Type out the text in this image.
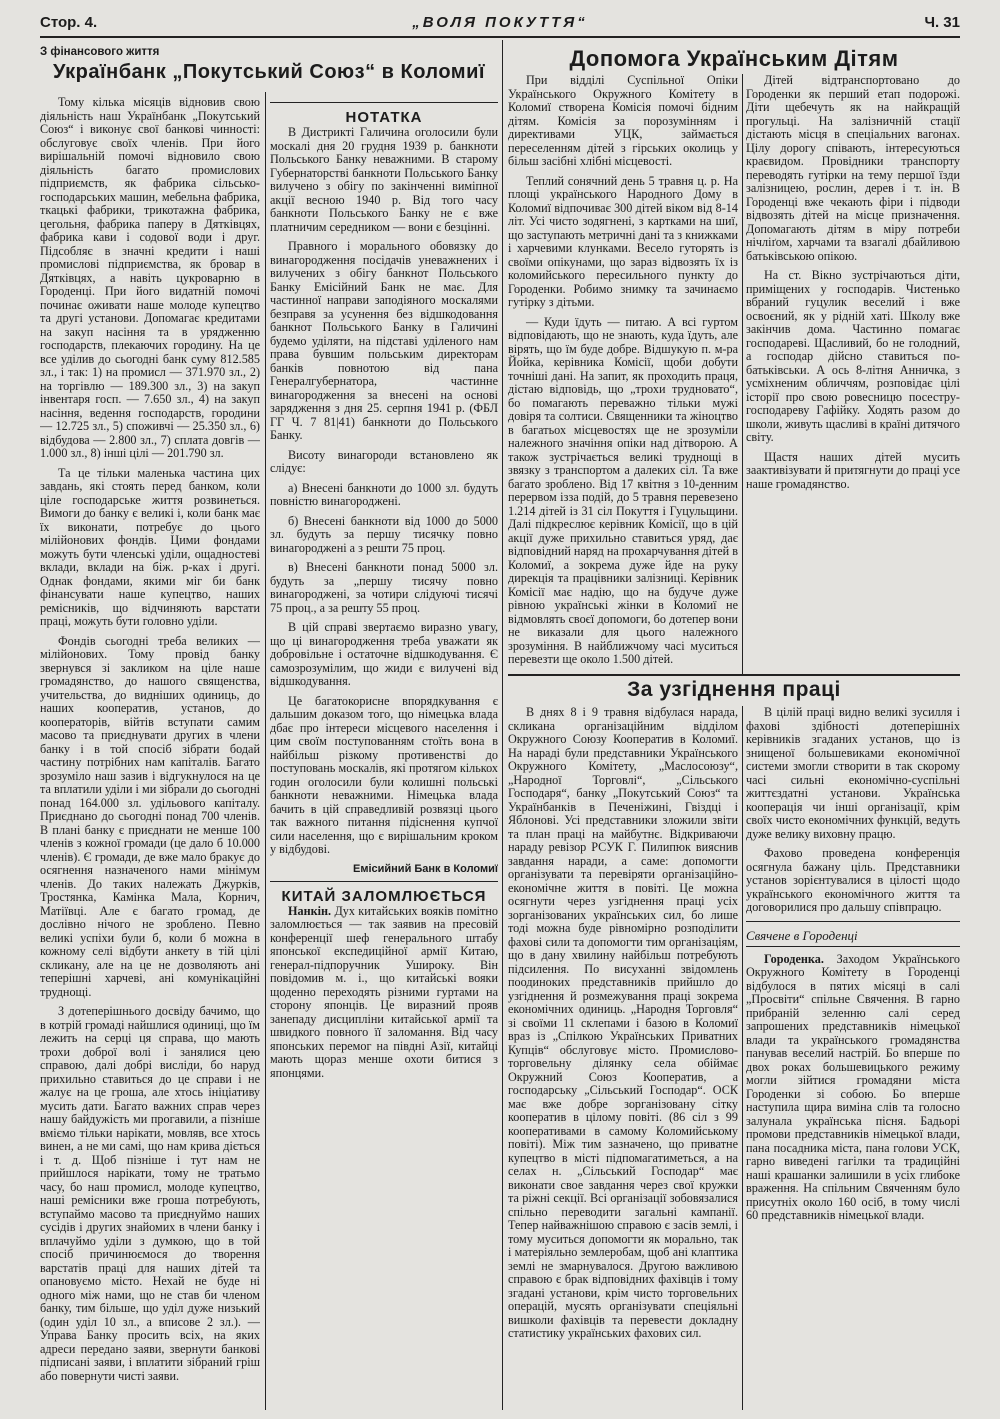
Стор. 4.	„ВОЛЯ ПОКУТТЯ“	Ч. 31
З фінансового життя
Українбанк „Покутський Союз“ в Коломиї

Тому кілька місяців відновив свою діяльність наш Українбанк „Покутський Союз“ і виконує свої банкові чинності: обслуговує своїх членів. При його вирішальній помочі відновило свою діяльність багато промислових підприємств, як фабрика сільсько-господарських машин, мебельна фабрика, ткацькі фабрики, трикотажна фабрика, цегольня, фабрика паперу в Дятківцях, фабрика кави і содової води і друг. Підсобляє в значні кредити і наші промислові підприємства, як бровар в Дятківцях, а навіть цукроварню в Городенці. При його видатній помочі починає оживати наше молоде купецтво та другі установи. Допомагає кредитами на закуп насіння та в урядженню господарств, плекаючих городину. На це все уділив до сьогодні банк суму 812.585 зл., і так: 1) на промисл — 371.970 зл., 2) на торгівлю — 189.300 зл., 3) на закуп інвентаря госп. — 7.650 зл., 4) на закуп насіння, ведення господарств, городини — 12.725 зл., 5) споживчі — 25.350 зл., 6) відбудова — 2.800 зл., 7) сплата довгів — 1.000 зл., 8) інші цілі — 201.790 зл.

Та це тільки маленька частина цих завдань, які стоять перед банком, коли ціле господарське життя розвинеться. Вимоги до банку є великі і, коли банк має їх виконати, потребує до цього мілійонових фондів. Цими фондами можуть бути членські уділи, ощадностеві вклади, вклади на біж. р-ках і другі. Однак фондами, якими міг би банк фінансувати наше купецтво, наших ремісників, що відчиняють варстати праці, можуть бути головно уділи.

Фондів сьогодні треба великих — мілійонових. Тому провід банку звернувся зі закликом на ціле наше громадянство, до нашого священства, учительства, до видніших одиниць, до наших кооператив, установ, до кооператорів, війтів вступати самим масово та приєднувати других в члени банку і в той спосіб зібрати бодай частину потрібних нам капіталів. Багато зрозуміло наш зазив і відгукнулося на це та вплатили уділи і ми зібрали до сьогодні понад 164.000 зл. удільового капіталу. Приєднано до сьогодні понад 700 членів. В плані банку є приєднати не менше 100 членів з кожної громади (це дало б 10.000 членів). Є громади, де вже мало бракує до осягнення назначеного нами мінімум членів. До таких належать Джурків, Тростянка, Камінка Мала, Корнич, Матіївці. Але є багато громад, де дослівно нічого не зроблено. Певно великі успіхи були б, коли б можна в кожному селі відбути анкету в тій цілі скликану, але на це не дозволяють ані теперішні харчеві, ані комунікаційні труднощі.

З дотеперішнього досвіду бачимо, що в котрій громаді найшлися одиниці, що їм лежить на серці ця справа, що мають трохи доброї волі і занялися цею справою, далі добрі висліди, бо наруд прихильно ставиться до це справи і не жалує на це гроша, але хтось ініціативу мусить дати. Багато важних справ через нашу байдужість ми прогавили, а пізніше вміємо тільки нарікати, мовляв, все хтось винен, а не ми самі, що нам крива діється і т. д. Щоб пізніше і тут нам не прийшлося нарікати, тому не тратьмо часу, бо наш промисл, молоде купецтво, наші ремісники вже гроша потребують, вступаймо масово та приєднуймо наших сусідів і других знайомих в члени банку і вплачуймо уділи з думкою, що в той спосіб причинюємося до творення варстатів праці для наших дітей та опановуємо місто. Нехай не буде ні одного між нами, що не став би членом банку, тим більше, що уділ дуже низький (один уділ 10 зл., а вписове 2 зл.). — Управа Банку просить всіх, на яких адреси передано заяви, звернути банкові підписані заяви, і вплатити зібраний гріш або повернути чисті заяви.

НОТАТКА

В Дистрикті Галичина оголосили були москалі дня 20 грудня 1939 р. банкноти Польського Банку неважними. В старому Губернаторстві банкноти Польського Банку вилучено з обігу по закінченні виміпної акції весною 1940 р. Від того часу банкноти Польського Банку не є вже платничим середником — вони є безцінні.

Правного і морального обовязку до винагородження посідачів уневажнених і вилучених з обігу банкнот Польського Банку Емісійний Банк не має. Для частинної направи заподіяного москалями безправя за усунення без відшкодовання банкнот Польського Банку в Галичині будемо уділяти, на підставі уділеного нам права бувшим польським директорам банків повнотою від пана Генералгубернатора, частинне винагородження за внесені на основі зарядження з дня 25. серпня 1941 р. (ФБЛ ГГ Ч. 7 81|41) банкноти до Польського Банку.

Висоту винагороди встановлено як слідує:

а) Внесені банкноти до 1000 зл. будуть повністю винагороджені.

б) Внесені банкноти від 1000 до 5000 зл. будуть за першу тисячку повно винагороджені а з решти 75 проц.

в) Внесені банкноти понад 5000 зл. будуть за „першу тисячу повно винагороджені, за чотири слідуючі тисячі 75 проц., а за решту 55 проц.

В цій справі звертаємо виразно увагу, що ці винагородження треба уважати як добровільне і остаточне відшкодування. Є самозрозумілим, що жиди є вилучені від відшкодування.

Це багатокорисне впорядкування є дальшим доказом того, що німецька влада дбає про інтереси місцевого населення і цим своїм поступованням стоїть вона в найбільш різкому противенстві до поступовань москалів, які протягом кількох годин оголосили були колишні польські банкноти неважними. Німецька влада бачить в цій справедливій розвязці цього так важного питання підіснення купчої сили населення, що є вирішальним кроком у відбудові.

Емісийний Банк в Коломиї
КИТАЙ ЗАЛОМЛЮЄТЬСЯ

Нанкін. Дух китайських вояків помітно заломлюється — так заявив на пресовій конференції шеф генерального штабу японської експедиційної армії Китаю, генерал-підпоручник Ушироку. Він повідомив м. і., що китайські вояки щоденно переходять різними гуртами на сторону японців. Це виразний прояв занепаду дисципліни китайської армії та швидкого повного її заломання. Від часу японських перемог на півдні Азії, китайці мають щораз менше охоти битися з японцями.

Допомога Українським Дітям

При відділі Суспільної Опіки Українського Окружного Комітету в Коломиї створена Комісія помочі бідним дітям. Комісія за порозумінням і директивами УЦК, займається переселенням дітей з гірських околиць у більш засібні хлібні місцевості.

Теплий сонячний день 5 травня ц. р. На площі українського Народного Дому в Коломиї відпочиває 300 дітей віком від 8-14 літ. Усі чисто зодягнені, з картками на шиї, що заступають метричні дані та з книжками і харчевими клунками. Весело гуторять із своїми опікунами, що зараз відвозять їх із коломийського пересильного пункту до Городенки. Робимо знимку та зачинаємо гутірку з дітьми.

— Куди їдуть — питаю. А всі гуртом відповідають, що не знають, куда їдуть, але вірять, що їм буде добре. Відшукую п. м-ра Йойка, керівника Комісії, щоби добути точніші дані. На запит, як проходить праця, дістаю відповідь, що „трохи трудновато“, бо помагають переважно тільки мужі довіря та солтиси. Священники та жіноцтво в багатьох місцевостях ще не зрозуміли належного значіння опіки над дітворою. А також зустрічається великі труднощі в звязку з транспортом а далеких сіл. Та вже багато зроблено. Від 17 квітня з 10-денним перервом ізза подій, до 5 травня перевезено 1.214 дітей із 31 сіл Покуття і Гуцульщини. Далі підкреслює керівник Комісії, що в цій акції дуже прихильно ставиться уряд, дає відповідний наряд на прохарчування дітей в Коломиї, а зокрема дуже йде на руку дирекція та працівники залізниці. Керівник Комісії має надію, що на будуче дуже рівною українські жінки в Коломиї не відмовлять своєї допомоги, бо дотепер вони не виказали для цього належного зрозуміння. В найближчому часі муситься перевезти ще около 1.500 дітей.

Дітей відтранспортовано до Городенки як перший етап подорожі. Діти щебечуть як на найкращій прогульці. На залізничній стації дістають місця в спеціальних вагонах. Цілу дорогу співають, інтересуються краєвидом. Провідники транспорту переводять гутірки на тему першої їзди залізницею, рослин, дерев і т. ін. В Городенці вже чекають фіри і підводи відвозять дітей на місце призначення. Допомагають дітям в міру потреби нічліґом, харчами та взагалі дбайливою батьківською опікою.

На ст. Вікно зустрічаються діти, приміщених у господарів. Чистенько вбраний гуцулик веселий і вже освоєний, як у рідній хаті. Школу вже закінчив дома. Частинно помагає господареві. Щасливий, бо не голодний, а господар дійсно ставиться по-батьківськи. А ось 8-літня Анничка, з усміхненим обличчям, розповідає цілі історії про свою ровесницю посестру-господареву Гафійку. Ходять разом до школи, живуть щасливі в країні дитячого світу.

Щастя наших дітей мусить заактивізувати й притягнути до праці усе наше громадянство.

За узгіднення праці

В днях 8 і 9 травня відбулася нарада, скликана організаційним відділом Окружного Союзу Кооператив в Коломиї. На нараді були представники Українського Окружного Комітету, „Маслосоюзу“, „Народної Торговлі“, „Сільського Господаря“, банку „Покутський Союз“ та Українбанків в Печеніжині, Гвіздці і Яблонові. Усі представники зложили звіти та план праці на майбутнє. Відкриваючи нараду ревізор РСУК Г. Пилипюк вияснив завдання наради, а саме: допомогти організувати та перевіряти організаційно-економічне життя в повіті. Це можна осягнути через узгіднення праці усіх зорганізованих українських сил, бо лише тоді можна буде рівномірно розподілити фахові сили та допомогти тим організаціям, що в дану хвилину найбільш потребують підсилення. По висуханні звідомлень поодиноких представників прийшло до узгіднення й розмежування праці зокрема економічних одиниць. „Народня Торговля“ зі своїми 11 склепами і базою в Коломиї враз із „Спілкою Українських Приватних Купців“ обслуговує місто. Промислово-торговельну ділянку села обіймає Окружний Союз Кооператив, а господарську „Сільський Господар“. ОСК має вже добре зорганізовану сітку кооператив в цілому повіті. (86 сіл з 99 кооперативами в самому Коломийському повіті). Між тим зазначено, що приватне купецтво в місті підпомагатиметься, а на селах н. „Сільський Господар“ має виконати свое завдання через свої кружки та ріжні секції. Всі організації зобовязалися спільно переводити загальні кампанії. Тепер найважнішою справою є засів землі, і тому муситься допомогти як морально, так і матеріяльно землеробам, щоб ані клаптика землі не змарнувалося. Другою важливою справою є брак відповідних фахівців і тому згадані установи, крім чисто торговельних операцій, мусять організувати спеціяльні вишколи фахівців та перевести докладну статистику українських фахових сил.

В цілій праці видно великі зусилля і фахові здібності дотеперішніх керівників згаданих установ, що із знищеної большевиками економічної системи змогли створити в так скорому часі сильні економічно-суспільні життєздатні установи. Українська кооперація чи інші організації, крім своїх чисто економічних функцій, ведуть дуже велику виховну працю.

Фахово проведена конференція осягнула бажану ціль. Представники установ зорієнтувалися в цілості щодо українського економічного життя та договорилися про дальшу співпрацю.

Свячене в Городенці

Городенка. Заходом Українського Окружного Комітету в Городенці відбулося в пятих місяці в салі „Просвіти“ спільне Свячення. В гарно прибраній зеленню салі серед запрошених представників німецької влади та українського громадянства панував веселий настрій. Бо вперше по двох роках большевицького режиму могли зійтися громадяни міста Городенки зі собою. Бо вперше наступила щира виміна слів та голосно залунала українська пісня. Бадьорі промови представників німецької влади, пана посадника міста, пана голови УСК, гарно виведені гагілки та традиційні наші крашанки залишили в усіх глибоке враження. На спільним Свяченням було присутніх около 160 осіб, в тому числі 60 представників німецької влади.
